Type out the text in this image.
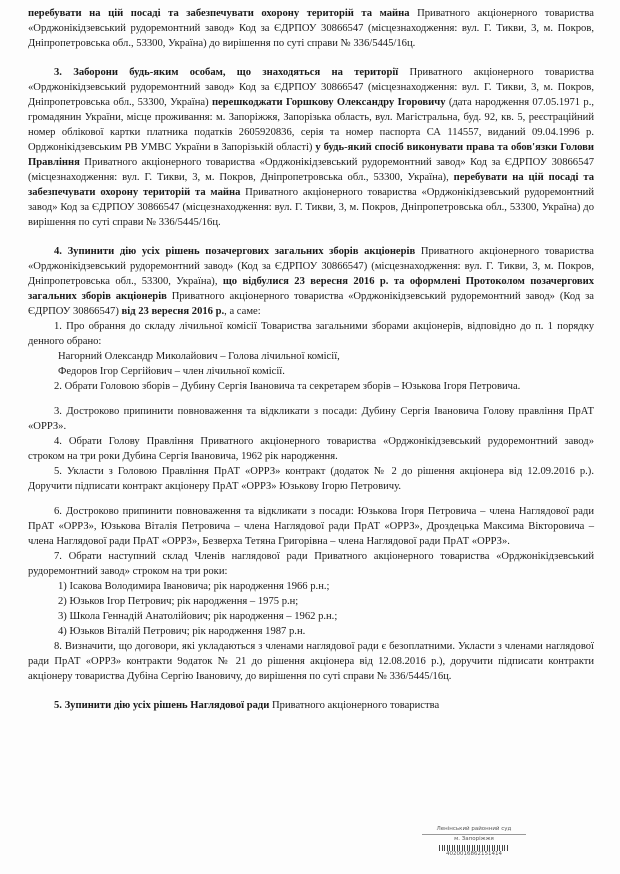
перебувати на цій посаді та забезпечувати охорону територій та майна Приватного акціонерного товариства «Орджонікідзевський рудоремонтний завод» Код за ЄДРПОУ 30866547 (місцезнаходження: вул. Г. Тикви, 3, м. Покров, Дніпропетровська обл., 53300, Україна) до вирішення по суті справи № 336/5445/16ц.

3. Заборони будь-яким особам, що знаходяться на території Приватного акціонерного товариства «Орджонікідзевський рудоремонтний завод» Код за ЄДРПОУ 30866547 (місцезнаходження: вул. Г. Тикви, 3, м. Покров, Дніпропетровська обл., 53300, Україна) перешкоджати Горшкову Олександру Ігоровичу (дата народження 07.05.1971 р., громадянин України, місце проживання: м. Запоріжжя, Запорізька область, вул. Магістральна, буд. 92, кв. 5, реєстраційний номер облікової картки платника податків 2605920836, серія та номер паспорта СА 114557, виданий 09.04.1996 р. Орджонікідзевським РВ УМВС України в Запорізькій області) у будь-який спосіб виконувати права та обов'язки Голови Правління Приватного акціонерного товариства «Орджонікідзевський рудоремонтний завод» Код за ЄДРПОУ 30866547 (місцезнаходження: вул. Г. Тикви, 3, м. Покров, Дніпропетровська обл., 53300, Україна), перебувати на цій посаді та забезпечувати охорону територій та майна Приватного акціонерного товариства «Орджонікідзевський рудоремонтний завод» Код за ЄДРПОУ 30866547 (місцезнаходження: вул. Г. Тикви, 3, м. Покров, Дніпропетровська обл., 53300, Україна) до вирішення по суті справи № 336/5445/16ц.

4. Зупинити дію усіх рішень позачергових загальних зборів акціонерів Приватного акціонерного товариства «Орджонікідзевський рудоремонтний завод» (Код за ЄДРПОУ 30866547) (місцезнаходження: вул. Г. Тикви, 3, м. Покров, Дніпропетровська обл., 53300, Україна), що відбулися 23 вересня 2016 р. та оформлені Протоколом позачергових загальних зборів акціонерів Приватного акціонерного товариства «Орджонікідзевський рудоремонтний завод» (Код за ЄДРПОУ 30866547) від 23 вересня 2016 р., а саме:

1. Про обрання до складу лічильної комісії Товариства загальними зборами акціонерів, відповідно до п. 1 порядку денного обрано:

Нагорний Олександр Миколайович – Голова лічильної комісії,

Федоров Ігор Сергійович – член лічильної комісії.

2. Обрати Головою зборів – Дубину Сергія Івановича та секретарем зборів – Юзькова Ігоря Петровича.

3. Достроково припинити повноваження та відкликати з посади: Дубину Сергія Івановича Голову правління ПрАТ «ОРРЗ».

4. Обрати Голову Правління Приватного акціонерного товариства «Орджонікідзевський рудоремонтний завод» строком на три роки Дубина Сергія Івановича, 1962 рік народження.

5. Укласти з Головою Правління ПрАТ «ОРРЗ» контракт (додаток № 2 до рішення акціонера від 12.09.2016 р.). Доручити підписати контракт акціонеру ПрАТ «ОРРЗ» Юзькову Ігорю Петровичу.

6. Достроково припинити повноваження та відкликати з посади: Юзькова Ігоря Петровича – члена Наглядової ради ПрАТ «ОРРЗ», Юзькова Віталія Петровича – члена Наглядової ради ПрАТ «ОРРЗ», Дроздецька Максима Вікторовича – члена Наглядової ради ПрАТ «ОРРЗ», Безверха Тетяна Григорівна – члена Наглядової ради ПрАТ «ОРРЗ».

7. Обрати наступний склад Членів наглядової ради Приватного акціонерного товариства «Орджонікідзевський рудоремонтний завод» строком на три роки:

1) Ісакова Володимира Івановича; рік народження 1966 р.н.;

2) Юзьков Ігор Петрович; рік народження – 1975 р.н;

3) Школа Геннадій Анатолійович; рік народження – 1962 р.н.;

4) Юзьков Віталій Петрович; рік народження 1987 р.н.

8. Визначити, що договори, які укладаються з членами наглядової ради є безоплатними. Укласти з членами наглядової ради ПрАТ «ОРРЗ» контракти 9одаток № 21 до рішення акціонера від 12.08.2016 р.), доручити підписати контракти акціонеру товариства Дубіна Сергію Івановичу, до вирішення по суті справи № 336/5445/16ц.

5. Зупинити дію усіх рішень Наглядової ради Приватного акціонерного товариства

Ленінський районний суд
м. Запоріжжя
4020016862151414
